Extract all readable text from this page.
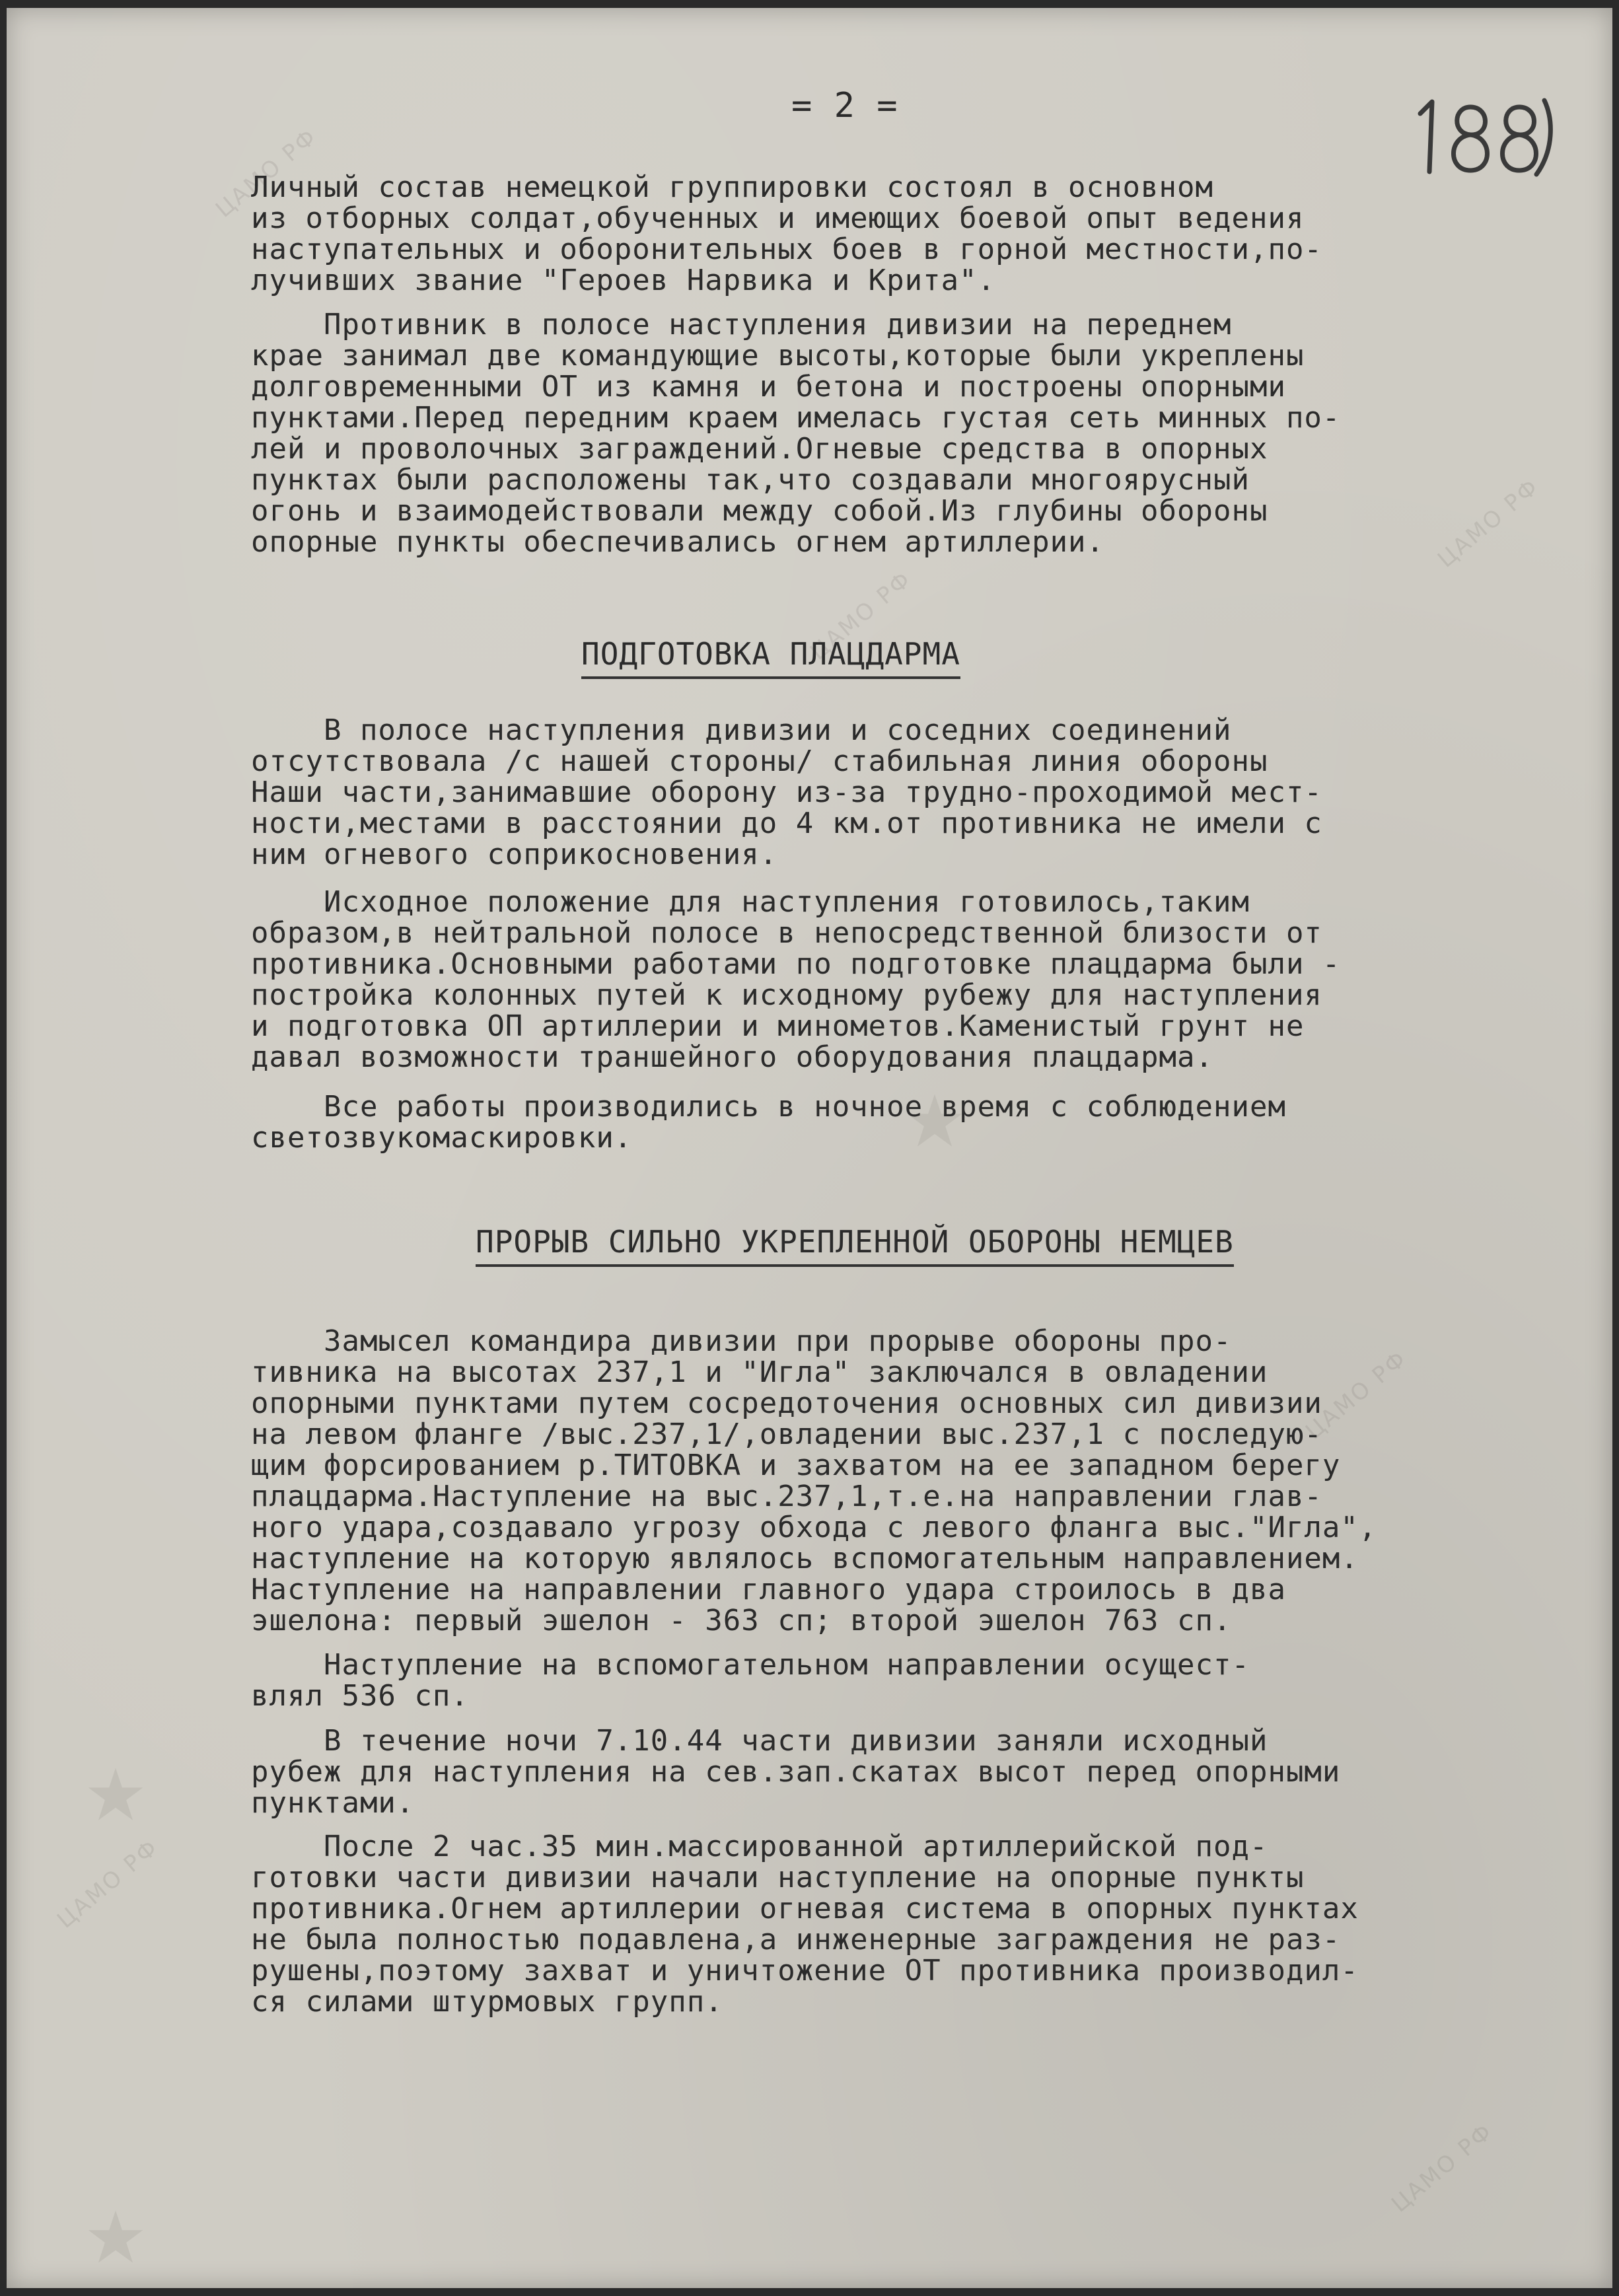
ЦАМО РФ
ЦАМО РФ
ЦАМО РФ
ЦАМО РФ
ЦАМО РФ
ЦАМО РФ
= 2 =
Личный состав немецкой группировки состоял в основном
из отборных солдат,обученных и имеющих боевой опыт ведения
наступательных и оборонительных боев в горной местности,по-
лучивших звание "Героев Нарвика и Крита".
Противник в полосе наступления дивизии на переднем
крае занимал две командующие высоты,которые были укреплены
долговременными ОТ из камня и бетона и построены опорными
пунктами.Перед передним краем имелась густая сеть минных по-
лей и проволочных заграждений.Огневые средства в опорных
пунктах были расположены так,что создавали многоярусный
огонь и взаимодействовали между собой.Из глубины обороны
опорные пункты обеспечивались огнем артиллерии.
ПОДГОТОВКА ПЛАЦДАРМА
В полосе наступления дивизии и соседних соединений
отсутствовала /с нашей стороны/ стабильная линия обороны
Наши части,занимавшие оборону из-за трудно-проходимой мест-
ности,местами в расстоянии до 4 км.от противника не имели с
ним огневого соприкосновения.
Исходное положение для наступления готовилось,таким
образом,в нейтральной полосе в непосредственной близости от
противника.Основными работами по подготовке плацдарма были -
постройка колонных путей к исходному рубежу для наступления
и подготовка ОП артиллерии и минометов.Каменистый грунт не
давал возможности траншейного оборудования плацдарма.
Все работы производились в ночное время с соблюдением
светозвукомаскировки.
ПРОРЫВ СИЛЬНО УКРЕПЛЕННОЙ ОБОРОНЫ НЕМЦЕВ
Замысел командира дивизии при прорыве обороны про-
тивника на высотах 237,1 и "Игла" заключался в овладении
опорными пунктами путем сосредоточения основных сил дивизии
на левом фланге /выс.237,1/,овладении выс.237,1 с последую-
щим форсированием р.ТИТОВКА и захватом на ее западном берегу
плацдарма.Наступление на выс.237,1,т.е.на направлении глав-
ного удара,создавало угрозу обхода с левого фланга выс."Игла",
наступление на которую являлось вспомогательным направлением.
Наступление на направлении главного удара строилось в два
эшелона: первый эшелон - 363 сп; второй эшелон 763 сп.
Наступление на вспомогательном направлении осущест-
влял 536 сп.
В течение ночи 7.10.44 части дивизии заняли исходный
рубеж для наступления на сев.зап.скатах высот перед опорными
пунктами.
После 2 час.35 мин.массированной артиллерийской под-
готовки части дивизии начали наступление на опорные пункты
противника.Огнем артиллерии огневая система в опорных пунктах
не была полностью подавлена,а инженерные заграждения не раз-
рушены,поэтому захват и уничтожение ОТ противника производил-
ся силами штурмовых групп.
